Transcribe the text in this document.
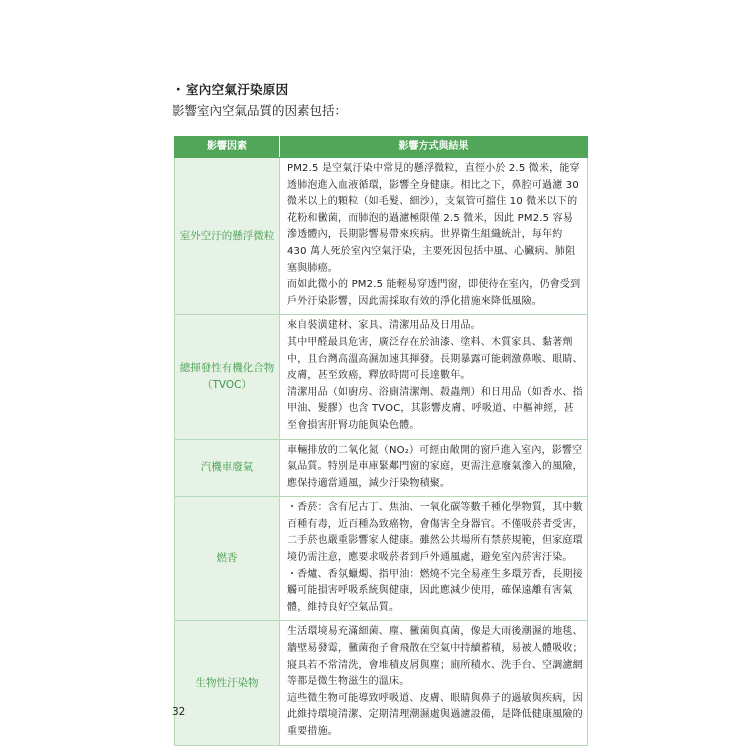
・室內空氣汙染原因
影響室內空氣品質的因素包括：
影響因素	影響方式與結果
室外空汙的懸浮微粒	PM2.5 是空氣汙染中常見的懸浮微粒，直徑小於 2.5 微米，能穿透肺泡進入血液循環，影響全身健康。相比之下，鼻腔可過濾 30 微米以上的顆粒（如毛髮、細沙），支氣管可擋住 10 微米以下的花粉和黴菌，而肺泡的過濾極限僅 2.5 微米，因此 PM2.5 容易滲透體內，長期影響易帶來疾病。世界衛生組織統計，每年約 430 萬人死於室內空氣汙染，主要死因包括中風、心臟病、肺阻塞與肺癌。
而如此微小的 PM2.5 能輕易穿透門窗，即使待在室內，仍會受到戶外汙染影響，因此需採取有效的淨化措施來降低風險。

總揮發性有機化合物 （TVOC）	來自裝潢建材、家具、清潔用品及日用品。
其中甲醛最具危害，廣泛存在於油漆、塗料、木質家具、黏著劑中，且台灣高溫高濕加速其揮發。長期暴露可能刺激鼻喉、眼睛、皮膚，甚至致癌，釋放時間可長達數年。
清潔用品（如廚房、浴廁清潔劑、殺蟲劑）和日用品（如香水、指甲油、髮膠）也含 TVOC，其影響皮膚、呼吸道、中樞神經，甚至會損害肝腎功能與染色體。

汽機車廢氣	車輛排放的二氧化氮（NO₂）可經由敞開的窗戶進入室內，影響空氣品質。特別是車庫緊鄰門窗的家庭，更需注意廢氣滲入的風險，應保持適當通風，減少汙染物積聚。

燃香	・香菸：含有尼古丁、焦油、一氧化碳等數千種化學物質，其中數百種有毒，近百種為致癌物，會傷害全身器官。不僅吸菸者受害，二手菸也嚴重影響家人健康。雖然公共場所有禁菸規範，但家庭環境仍需注意，應要求吸菸者到戶外通風處，避免室內菸害汙染。
・香爐、香氛蠟燭、指甲油：燃燒不完全易產生多環芳香，長期接觸可能損害呼吸系統與健康，因此應減少使用，確保遠離有害氣體，維持良好空氣品質。

生物性汙染物	生活環境易充滿細菌、塵、黴菌與真菌，像是大雨後潮濕的地毯、牆壁易發霉，黴菌孢子會飛散在空氣中持續蓄積，易被人體吸收；寢具若不常清洗，會堆積皮屑與塵；廁所積水、洗手台、空調濾網等都是微生物滋生的溫床。
這些微生物可能導致呼吸道、皮膚、眼睛與鼻子的過敏與疾病，因此維持環境清潔、定期清理潮濕處與過濾設備，是降低健康風險的重要措施。
32
